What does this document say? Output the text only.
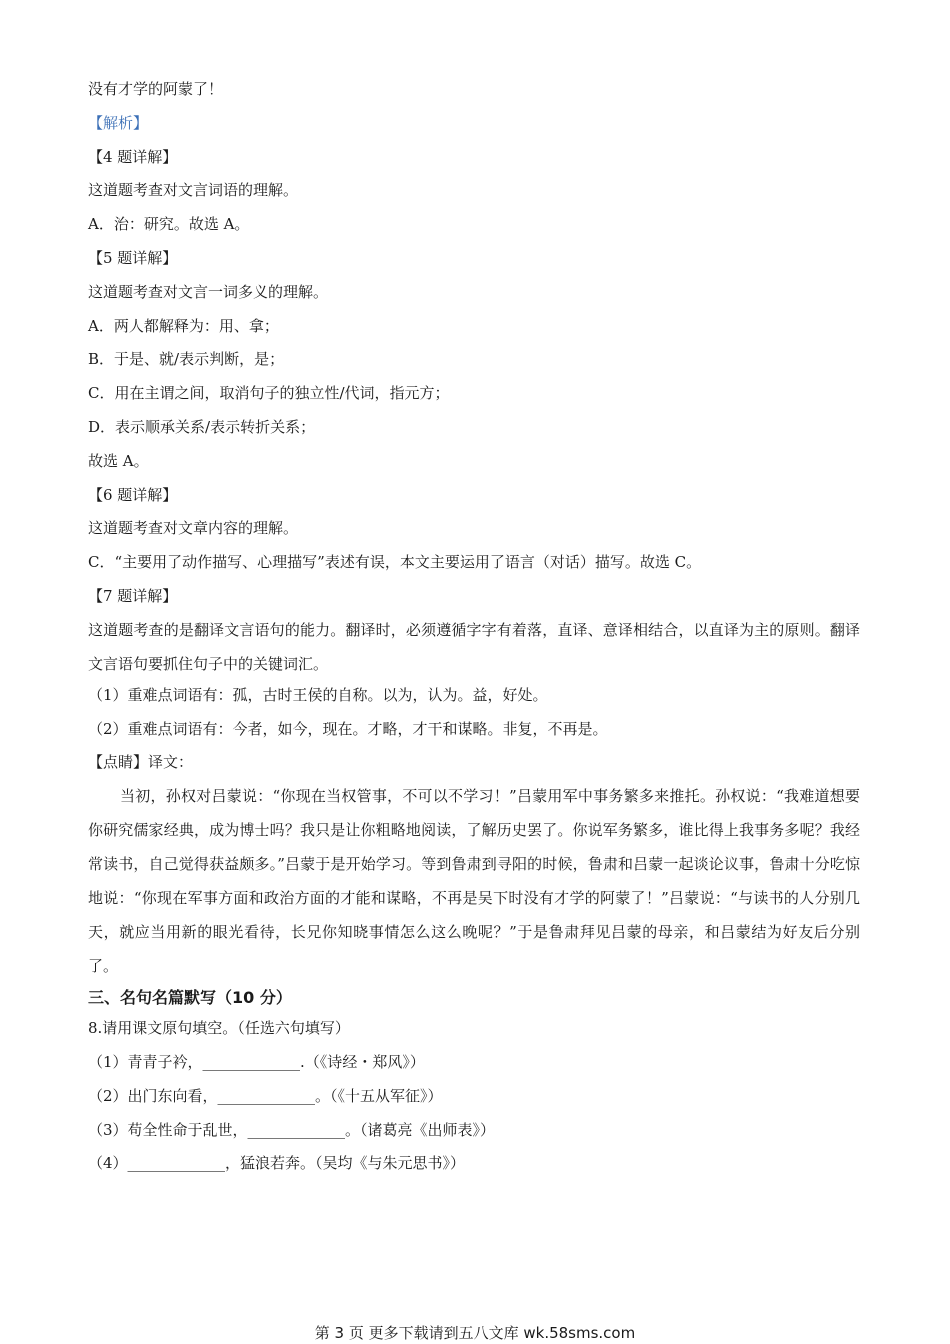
没有才学的阿蒙了！
【解析】
【4 题详解】
这道题考查对文言词语的理解。
A．治：研究。故选 A。
【5 题详解】
这道题考查对文言一词多义的理解。
A．两人都解释为：用、拿；
B．于是、就/表示判断，是；
C．用在主谓之间，取消句子的独立性/代词，指元方；
D．表示顺承关系/表示转折关系；
故选 A。
【6 题详解】
这道题考查对文章内容的理解。
C．“主要用了动作描写、心理描写”表述有误，本文主要运用了语言（对话）描写。故选 C。
【7 题详解】
这道题考查的是翻译文言语句的能力。翻译时，必须遵循字字有着落，直译、意译相结合，以直译为主的原则。翻译文言语句要抓住句子中的关键词汇。
（1）重难点词语有：孤，古时王侯的自称。以为，认为。益，好处。
（2）重难点词语有：今者，如今，现在。才略，才干和谋略。非复，不再是。
【点睛】译文：
当初，孙权对吕蒙说：“你现在当权管事，不可以不学习！”吕蒙用军中事务繁多来推托。孙权说：“我难道想要你研究儒家经典，成为博士吗？我只是让你粗略地阅读，了解历史罢了。你说军务繁多，谁比得上我事务多呢？我经常读书，自己觉得获益颇多。”吕蒙于是开始学习。等到鲁肃到寻阳的时候，鲁肃和吕蒙一起谈论议事，鲁肃十分吃惊地说：“你现在军事方面和政治方面的才能和谋略，不再是吴下时没有才学的阿蒙了！”吕蒙说：“与读书的人分别几天，就应当用新的眼光看待，长兄你知晓事情怎么这么晚呢？”于是鲁肃拜见吕蒙的母亲，和吕蒙结为好友后分别了。
三、名句名篇默写（10 分）
8.请用课文原句填空。（任选六句填写）
（1）青青子衿，_____________.（《诗经・郑风》）
（2）出门东向看，_____________。（《十五从军征》）
（3）苟全性命于乱世，_____________。（诸葛亮《出师表》）
（4）_____________，猛浪若奔。（吴均《与朱元思书》）
第 3 页 更多下载请到五八文库 wk.58sms.com
